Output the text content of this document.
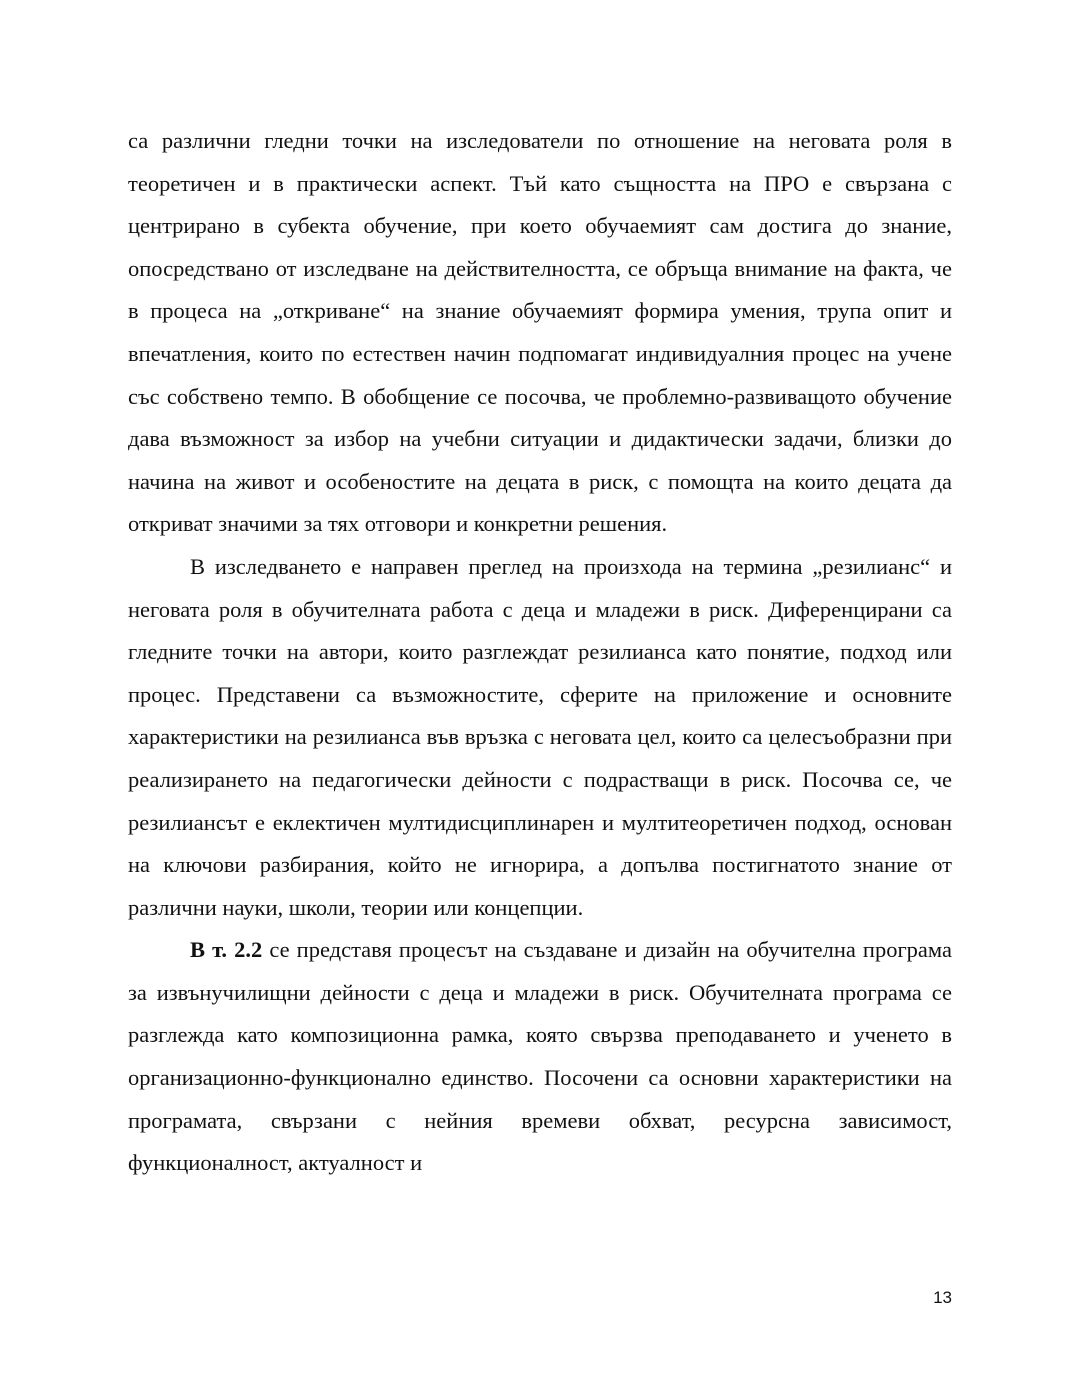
са различни гледни точки на изследователи по отношение на неговата роля в теоретичен и в практически аспект. Тъй като същността на ПРО е свързана с центрирано в субекта обучение, при което обучаемият сам достига до знание, опосредствано от изследване на действителността, се обръща внимание на факта, че в процеса на „откриване“ на знание обучаемият формира умения, трупа опит и впечатления, които по естествен начин подпомагат индивидуалния процес на учене със собствено темпо. В обобщение се посочва, че проблемно-развиващото обучение дава възможност за избор на учебни ситуации и дидактически задачи, близки до начина на живот и особеностите на децата в риск, с помощта на които децата да откриват значими за тях отговори и конкретни решения.

В изследването е направен преглед на произхода на термина „резилианс“ и неговата роля в обучителната работа с деца и младежи в риск. Диференцирани са гледните точки на автори, които разглеждат резилианса като понятие, подход или процес. Представени са възможностите, сферите на приложение и основните характеристики на резилианса във връзка с неговата цел, които са целесъобразни при реализирането на педагогически дейности с подрастващи в риск. Посочва се, че резилиансът е еклектичен мултидисциплинарен и мултитеоретичен подход, основан на ключови разбирания, който не игнорира, а допълва постигнатото знание от различни науки, школи, теории или концепции.

В т. 2.2 се представя процесът на създаване и дизайн на обучителна програма за извънучилищни дейности с деца и младежи в риск. Обучителната програма се разглежда като композиционна рамка, която свързва преподаването и ученето в организационно-функционално единство. Посочени са основни характеристики на програмата, свързани с нейния времеви обхват, ресурсна зависимост, функционалност, актуалност и

13
